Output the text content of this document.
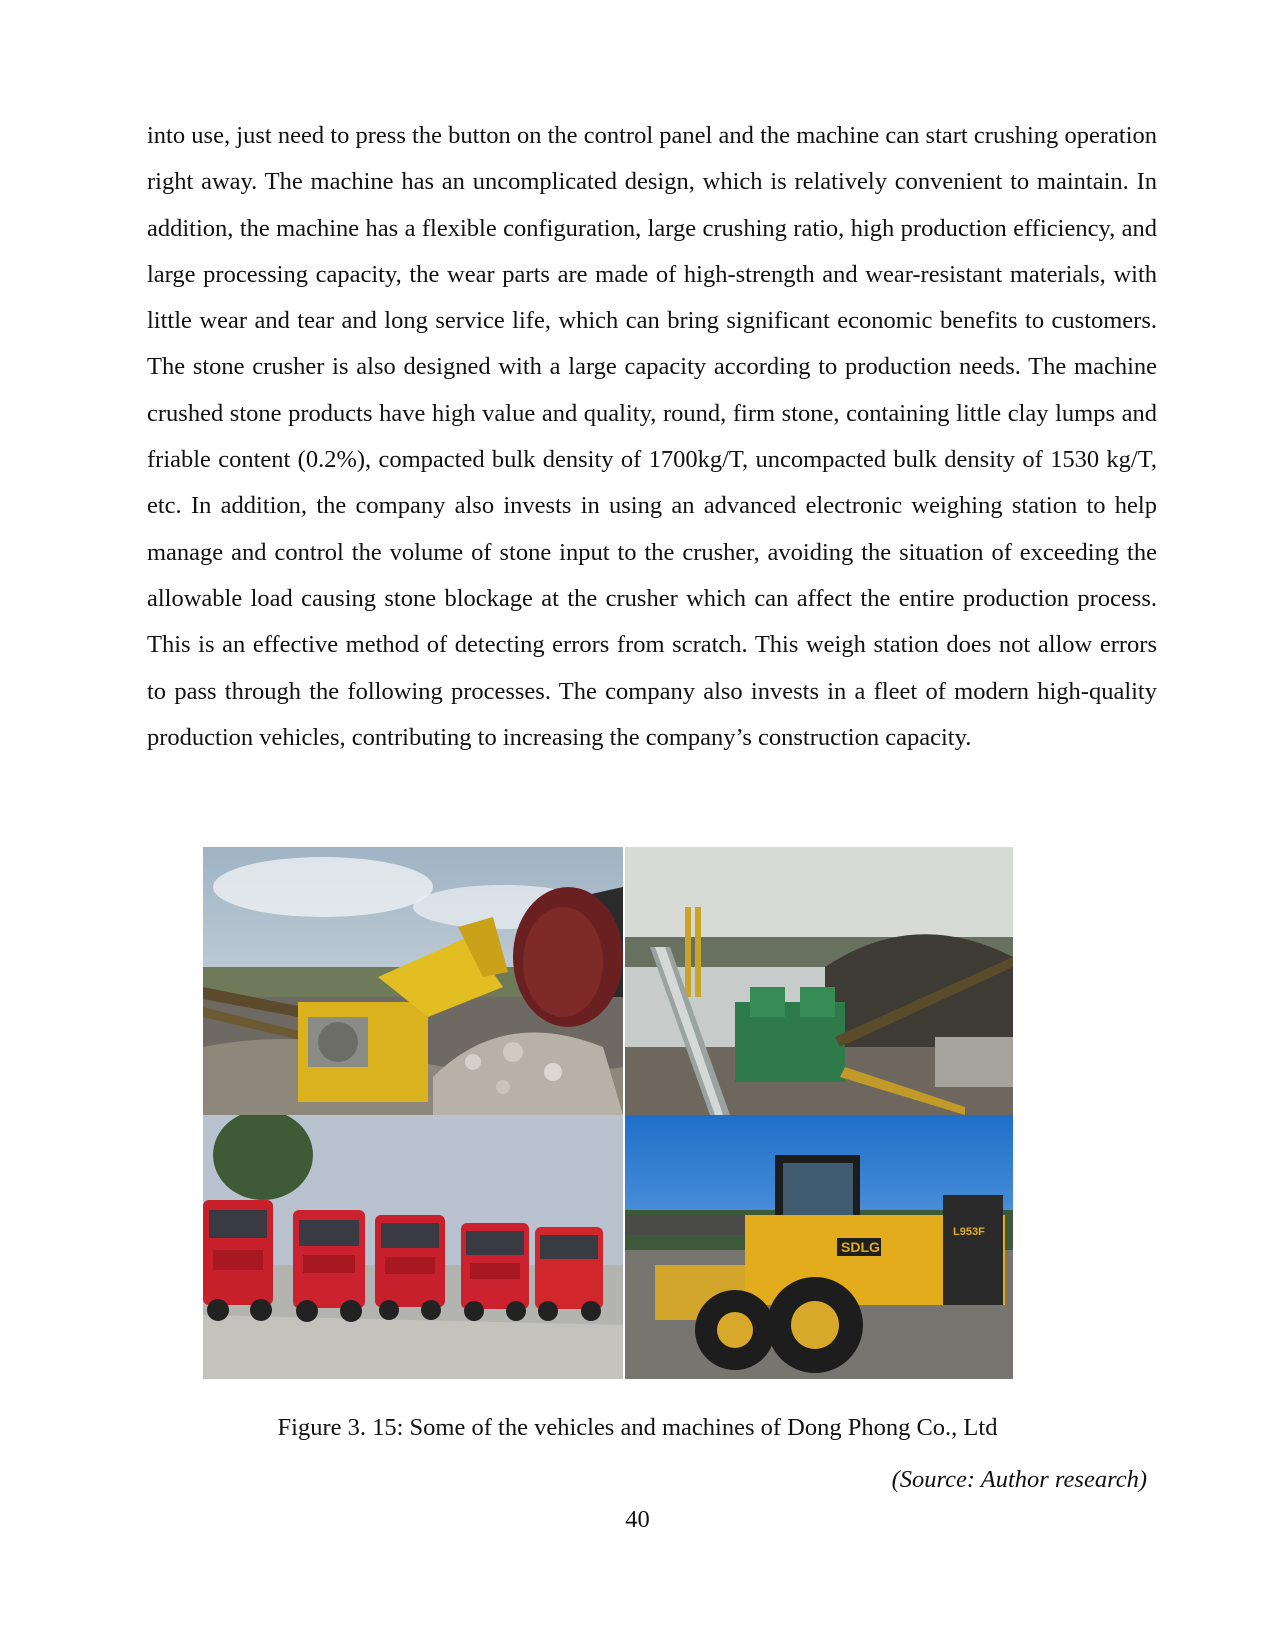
into use, just need to press the button on the control panel and the machine can start crushing operation right away. The machine has an uncomplicated design, which is relatively convenient to maintain. In addition, the machine has a flexible configuration, large crushing ratio, high production efficiency, and large processing capacity, the wear parts are made of high-strength and wear-resistant materials, with little wear and tear and long service life, which can bring significant economic benefits to customers. The stone crusher is also designed with a large capacity according to production needs. The machine crushed stone products have high value and quality, round, firm stone, containing little clay lumps and friable content (0.2%), compacted bulk density of 1700kg/T, uncompacted bulk density of 1530 kg/T, etc. In addition, the company also invests in using an advanced electronic weighing station to help manage and control the volume of stone input to the crusher, avoiding the situation of exceeding the allowable load causing stone blockage at the crusher which can affect the entire production process. This is an effective method of detecting errors from scratch. This weigh station does not allow errors to pass through the following processes. The company also invests in a fleet of modern high-quality production vehicles, contributing to increasing the company’s construction capacity.

SDLG
L953F

Figure 3. 15: Some of the vehicles and machines of Dong Phong Co., Ltd

(Source: Author research)

40
